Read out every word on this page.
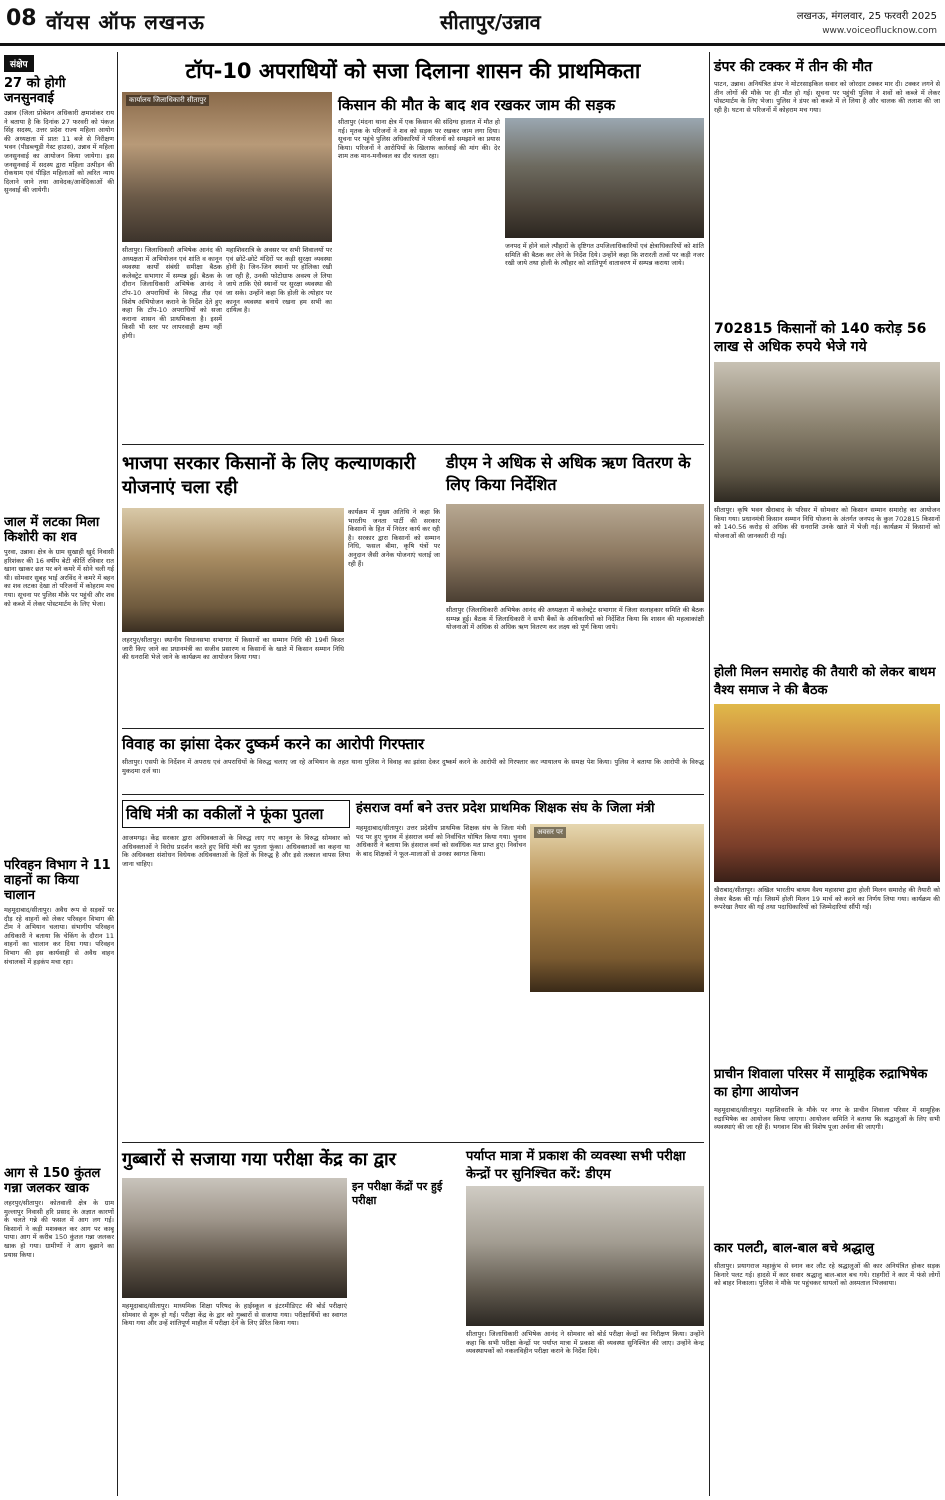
08 वॉयस ऑफ लखनऊ	सीतापुर/उन्नाव	लखनऊ, मंगलवार, 25 फरवरी 2025
www.voiceoflucknow.com
संक्षेप
27 को होगी जनसुनवाई
उन्नाव (जिला प्रोबेशन अधिकारी क्षमाशंकर राय ने बताया है कि दिनांक 27 फरवरी को पंकज सिंह सदस्य, उत्तर प्रदेश राज्य महिला आयोग की अध्यक्षता में प्रातः 11 बजे से निरीक्षण भवन (पीडब्ल्यूडी गेस्ट हाउस), उन्नाव में महिला जनसुनवाई का आयोजन किया जायेगा। इस जनसुनवाई में सदस्य द्वारा महिला उत्पीड़न की रोकथाम एवं पीड़ित महिलाओं को त्वरित न्याय दिलाने जाने तथा आवेदक/आवेदिकाओं की सुनवाई की जायेगी।
जाल में लटका मिला किशोरी का शव
पुरवा, उन्नाव। क्षेत्र के ग्राम सुखाही खुर्द निवासी हरिशंकर की 16 वर्षीय बेटी कीर्ति रविवार रात खाना खाकर छत पर बने कमरे में सोने चली गई थी। सोमवार सुबह भाई अरविंद ने कमरे में बहन का शव लटका देखा तो परिजनों में कोहराम मच गया। सूचना पर पुलिस मौके पर पहुंची और शव को कब्जे में लेकर पोस्टमार्टम के लिए भेजा।
परिवहन विभाग ने 11 वाहनों का किया चालान
महमूदाबाद/सीतापुर। अवैध रूप से सड़कों पर दौड़ रहे वाहनों को लेकर परिवहन विभाग की टीम ने अभियान चलाया। संभागीय परिवहन अधिकारी ने बताया कि चेकिंग के दौरान 11 वाहनों का चालान कर दिया गया। परिवहन विभाग की इस कार्यवाही से अवैध वाहन संचालकों में हड़कंप मचा रहा।
आग से 150 कुंतल गन्ना जलकर खाक
लहरपुर/सीतापुर। कोतवाली क्षेत्र के ग्राम मुल्लापुर निवासी हरि प्रसाद के अज्ञात कारणों के चलते गन्ने की फसल में आग लग गई। किसानों ने कड़ी मशक्कत कर आग पर काबू पाया। आग में करीब 150 कुंतल गन्ना जलकर खाक हो गया। ग्रामीणों ने आग बुझाने का प्रयास किया।
टॉप-10 अपराधियों को सजा दिलाना शासन की प्राथमिकता
कार्यालय जिलाधिकारी सीतापुर
सीतापुर। जिलाधिकारी अभिषेक आनंद की अध्यक्षता में अभियोजन एवं शांति व कानून व्यवस्था कार्यों संबंधी समीक्षा बैठक कलेक्ट्रेट सभागार में सम्पन्न हुई। बैठक के दौरान जिलाधिकारी अभिषेक आनंद ने टॉप-10 अपराधियों के विरुद्ध तीव्र एवं विशेष अभियोजन कराने के निर्देश देते हुए कहा कि टॉप-10 अपराधियों को सजा कराना शासन की प्राथमिकता है। इसमें किसी भी स्तर पर लापरवाही क्षम्य नहीं होगी।
महाशिवरात्रि के अवसर पर सभी शिवालयों पर एवं छोटे-छोटे मंदिरों पर कड़ी सुरक्षा व्यवस्था होनी है। जिन-जिन स्थानों पर होलिका रखी जा रही है, उनकी फोटोग्राफ अवश्य ले लिया जाये ताकि ऐसे स्थानों पर सुरक्षा व्यवस्था की जा सके। उन्होंने कहा कि होली के त्योहार पर कानून व्यवस्था बनाये रखना हम सभी का दायित्व है।
किसान की मौत के बाद शव रखकर जाम की सड़क
सीतापुर (मंदना थाना क्षेत्र में एक किसान की संदिग्ध हालात में मौत हो गई। मृतक के परिजनों ने शव को सड़क पर रखकर जाम लगा दिया। सूचना पर पहुंचे पुलिस अधिकारियों ने परिजनों को समझाने का प्रयास किया। परिजनों ने आरोपियों के खिलाफ कार्रवाई की मांग की। देर शाम तक मान-मनौव्वल का दौर चलता रहा।
जनपद में होने वाले त्यौहारों के दृष्टिगत उपजिलाधिकारियों एवं क्षेत्राधिकारियों को शांति समिति की बैठक कर लेने के निर्देश दिये। उन्होंने कहा कि शरारती तत्वों पर कड़ी नजर रखी जाये तथा होली के त्यौहार को शांतिपूर्ण वातावरण में सम्पन्न कराया जाये।
भाजपा सरकार किसानों के लिए कल्याणकारी योजनाएं चला रही
लहरपुर/सीतापुर। स्थानीय विधानसभा सभागार में किसानों का सम्मान निधि की 19वीं किस्त जारी किए जाने का प्रधानमंत्री का सजीव प्रसारण व किसानों के खाते में किसान सम्मान निधि की धनराशि भेजे जाने के कार्यक्रम का आयोजन किया गया।
कार्यक्रम में मुख्य अतिथि ने कहा कि भारतीय जनता पार्टी की सरकार किसानों के हित में निरंतर कार्य कर रही है। सरकार द्वारा किसानों को सम्मान निधि, फसल बीमा, कृषि यंत्रों पर अनुदान जैसी अनेक योजनाएं चलाई जा रही हैं।
डीएम ने अधिक से अधिक ऋण वितरण के लिए किया निर्देशित
सीतापुर (जिलाधिकारी अभिषेक आनंद की अध्यक्षता में कलेक्ट्रेट सभागार में जिला सलाहकार समिति की बैठक सम्पन्न हुई। बैठक में जिलाधिकारी ने सभी बैंकों के अधिकारियों को निर्देशित किया कि शासन की महत्वाकांक्षी योजनाओं में अधिक से अधिक ऋण वितरण कर लक्ष्य को पूर्ण किया जाये।
विवाह का झांसा देकर दुष्कर्म करने का आरोपी गिरफ्तार
सीतापुर। एसपी के निर्देशन में अपराध एवं अपराधियों के विरुद्ध चलाए जा रहे अभियान के तहत थाना पुलिस ने विवाह का झांसा देकर दुष्कर्म करने के आरोपी को गिरफ्तार कर न्यायालय के समक्ष पेश किया। पुलिस ने बताया कि आरोपी के विरुद्ध मुकदमा दर्ज था।
विधि मंत्री का वकीलों ने फूंका पुतला
आजमगढ़। केंद्र सरकार द्वारा अधिवक्ताओं के विरुद्ध लाए गए कानून के विरुद्ध सोमवार को अधिवक्ताओं ने विरोध प्रदर्शन करते हुए विधि मंत्री का पुतला फूंका। अधिवक्ताओं का कहना था कि अधिवक्ता संशोधन विधेयक अधिवक्ताओं के हितों के विरुद्ध है और इसे तत्काल वापस लिया जाना चाहिए।
हंसराज वर्मा बने उत्तर प्रदेश प्राथमिक शिक्षक संघ के जिला मंत्री
महमूदाबाद/सीतापुर। उत्तर प्रदेशीय प्राथमिक शिक्षक संघ के जिला मंत्री पद पर हुए चुनाव में हंसराज वर्मा को निर्वाचित घोषित किया गया। चुनाव अधिकारी ने बताया कि हंसराज वर्मा को सर्वाधिक मत प्राप्त हुए। निर्वाचन के बाद शिक्षकों ने फूल-मालाओं से उनका स्वागत किया।
अवसर पर
गुब्बारों से सजाया गया परीक्षा केंद्र का द्वार
महमूदाबाद/सीतापुर। माध्यमिक शिक्षा परिषद के हाईस्कूल व इंटरमीडिएट की बोर्ड परीक्षाएं सोमवार से शुरू हो गईं। परीक्षा केंद्र के द्वार को गुब्बारों से सजाया गया। परीक्षार्थियों का स्वागत किया गया और उन्हें शांतिपूर्ण माहौल में परीक्षा देने के लिए प्रेरित किया गया।
इन परीक्षा केंद्रों पर हुई परीक्षा
पर्याप्त मात्रा में प्रकाश की व्यवस्था सभी परीक्षा केन्द्रों पर सुनिश्चित करें: डीएम
सीतापुर। जिलाधिकारी अभिषेक आनंद ने सोमवार को बोर्ड परीक्षा केन्द्रों का निरीक्षण किया। उन्होंने कहा कि सभी परीक्षा केन्द्रों पर पर्याप्त मात्रा में प्रकाश की व्यवस्था सुनिश्चित की जाए। उन्होंने केन्द्र व्यवस्थापकों को नकलविहीन परीक्षा कराने के निर्देश दिये।
डंपर की टक्कर में तीन की मौत
पाटन, उन्नाव। अनियंत्रित डंपर ने मोटरसाइकिल सवार को जोरदार टक्कर मार दी। टक्कर लगने से तीन लोगों की मौके पर ही मौत हो गई। सूचना पर पहुंची पुलिस ने शवों को कब्जे में लेकर पोस्टमार्टम के लिए भेजा। पुलिस ने डंपर को कब्जे में ले लिया है और चालक की तलाश की जा रही है। घटना से परिजनों में कोहराम मच गया।
702815 किसानों को 140 करोड़ 56 लाख से अधिक रुपये भेजे गये
सीतापुर। कृषि भवन खैराबाद के परिसर में सोमवार को किसान सम्मान समारोह का आयोजन किया गया। प्रधानमंत्री किसान सम्मान निधि योजना के अंतर्गत जनपद के कुल 702815 किसानों को 140.56 करोड़ से अधिक की धनराशि उनके खाते में भेजी गई। कार्यक्रम में किसानों को योजनाओं की जानकारी दी गई।
होली मिलन समारोह की तैयारी को लेकर बाथम वैश्य समाज ने की बैठक
खैराबाद/सीतापुर। अखिल भारतीय बाथम वैश्य महासभा द्वारा होली मिलन समारोह की तैयारी को लेकर बैठक की गई। जिसमें होली मिलन 19 मार्च को करने का निर्णय लिया गया। कार्यक्रम की रूपरेखा तैयार की गई तथा पदाधिकारियों को जिम्मेदारियां सौंपी गईं।
प्राचीन शिवाला परिसर में सामूहिक रुद्राभिषेक का होगा आयोजन
महमूदाबाद/सीतापुर। महाशिवरात्रि के मौके पर नगर के प्राचीन शिवाला परिसर में सामूहिक रुद्राभिषेक का आयोजन किया जाएगा। आयोजन समिति ने बताया कि श्रद्धालुओं के लिए सभी व्यवस्थाएं की जा रही हैं। भगवान शिव की विशेष पूजा अर्चना की जाएगी।
कार पलटी, बाल-बाल बचे श्रद्धालु
सीतापुर। प्रयागराज महाकुंभ से स्नान कर लौट रहे श्रद्धालुओं की कार अनियंत्रित होकर सड़क किनारे पलट गई। हादसे में कार सवार श्रद्धालु बाल-बाल बच गये। राहगीरों ने कार में फंसे लोगों को बाहर निकाला। पुलिस ने मौके पर पहुंचकर घायलों को अस्पताल भिजवाया।
